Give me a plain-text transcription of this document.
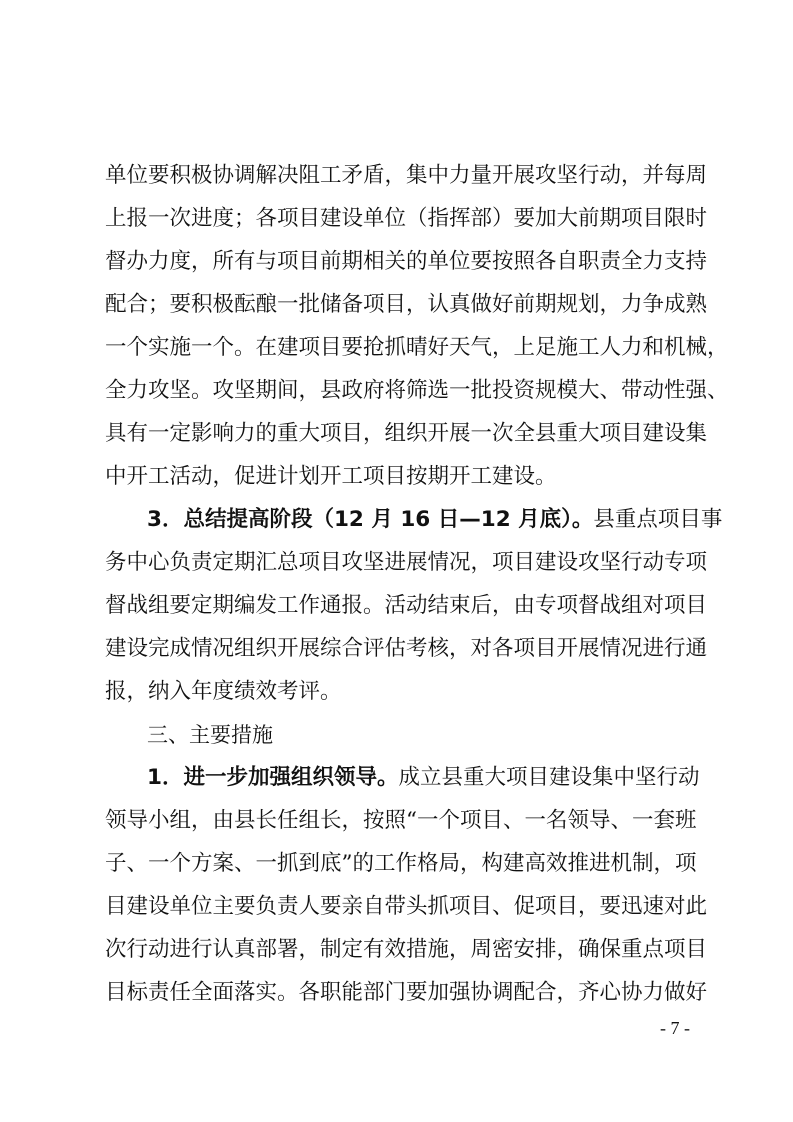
单位要积极协调解决阻工矛盾，集中力量开展攻坚行动，并每周
上报一次进度；各项目建设单位（指挥部）要加大前期项目限时
督办力度，所有与项目前期相关的单位要按照各自职责全力支持
配合；要积极酝酿一批储备项目，认真做好前期规划，力争成熟
一个实施一个。在建项目要抢抓晴好天气，上足施工人力和机械，
全力攻坚。攻坚期间，县政府将筛选一批投资规模大、带动性强、
具有一定影响力的重大项目，组织开展一次全县重大项目建设集
中开工活动，促进计划开工项目按期开工建设。
3．总结提高阶段（12 月 16 日—12 月底）。县重点项目事
务中心负责定期汇总项目攻坚进展情况，项目建设攻坚行动专项
督战组要定期编发工作通报。活动结束后，由专项督战组对项目
建设完成情况组织开展综合评估考核，对各项目开展情况进行通
报，纳入年度绩效考评。
三、主要措施
1．进一步加强组织领导。成立县重大项目建设集中坚行动
领导小组，由县长任组长，按照“一个项目、一名领导、一套班
子、一个方案、一抓到底”的工作格局，构建高效推进机制，项
目建设单位主要负责人要亲自带头抓项目、促项目，要迅速对此
次行动进行认真部署，制定有效措施，周密安排，确保重点项目
目标责任全面落实。各职能部门要加强协调配合，齐心协力做好
- 7 -
